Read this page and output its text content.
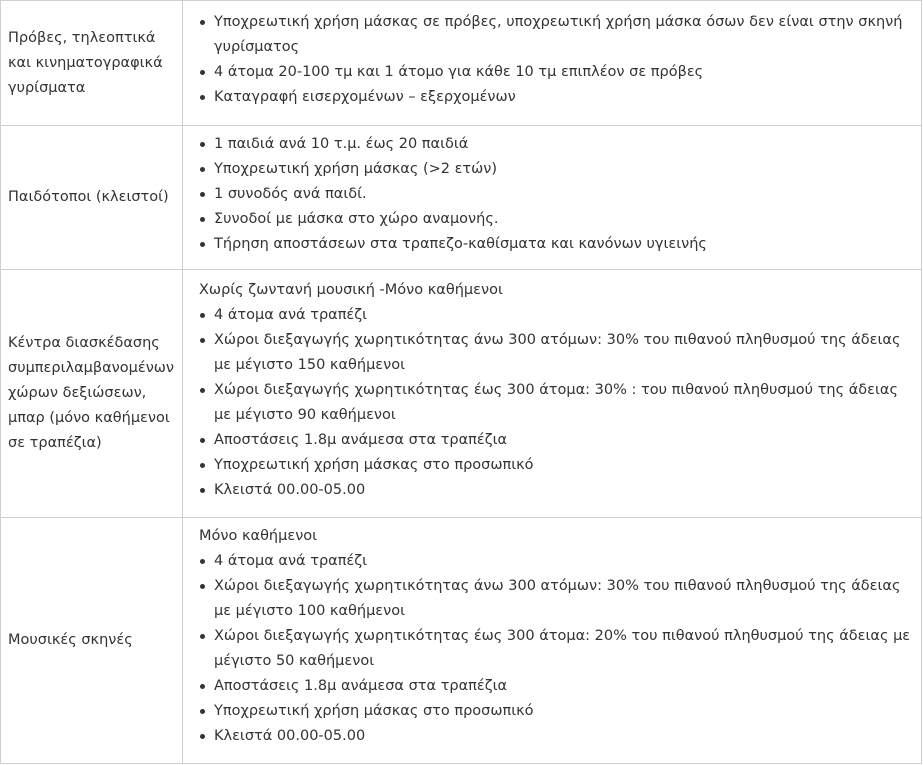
Πρόβες, τηλεοπτικά και κινηματογραφικά γυρίσματα
Υποχρεωτική χρήση μάσκας σε πρόβες, υποχρεωτική χρήση μάσκα όσων δεν είναι στην σκηνή γυρίσματος
4 άτομα 20-100 τμ και 1 άτομο για κάθε 10 τμ επιπλέον σε πρόβες
Καταγραφή εισερχομένων – εξερχομένων
Παιδότοποι (κλειστοί)
1 παιδιά ανά 10 τ.μ. έως 20 παιδιά
Υποχρεωτική χρήση μάσκας (>2 ετών)
1 συνοδός ανά παιδί.
Συνοδοί με μάσκα στο χώρο αναμονής.
Τήρηση αποστάσεων στα τραπεζο-καθίσματα και κανόνων υγιεινής
Κέντρα διασκέδασης συμπεριλαμβανομένων χώρων δεξιώσεων, μπαρ (μόνο καθήμενοι σε τραπέζια)
Χωρίς ζωντανή μουσική -Μόνο καθήμενοι
4 άτομα ανά τραπέζι
Χώροι διεξαγωγής χωρητικότητας άνω 300 ατόμων: 30% του πιθανού πληθυσμού της άδειας με μέγιστο 150 καθήμενοι
Χώροι διεξαγωγής χωρητικότητας έως 300 άτομα: 30% : του πιθανού πληθυσμού της άδειας με μέγιστο 90 καθήμενοι
Αποστάσεις 1.8μ ανάμεσα στα τραπέζια
Υποχρεωτική χρήση μάσκας στο προσωπικό
Κλειστά 00.00-05.00
Μουσικές σκηνές
Μόνο καθήμενοι
4 άτομα ανά τραπέζι
Χώροι διεξαγωγής χωρητικότητας άνω 300 ατόμων: 30% του πιθανού πληθυσμού της άδειας με μέγιστο 100 καθήμενοι
Χώροι διεξαγωγής χωρητικότητας έως 300 άτομα: 20% του πιθανού πληθυσμού της άδειας με μέγιστο 50 καθήμενοι
Αποστάσεις 1.8μ ανάμεσα στα τραπέζια
Υποχρεωτική χρήση μάσκας στο προσωπικό
Κλειστά 00.00-05.00
